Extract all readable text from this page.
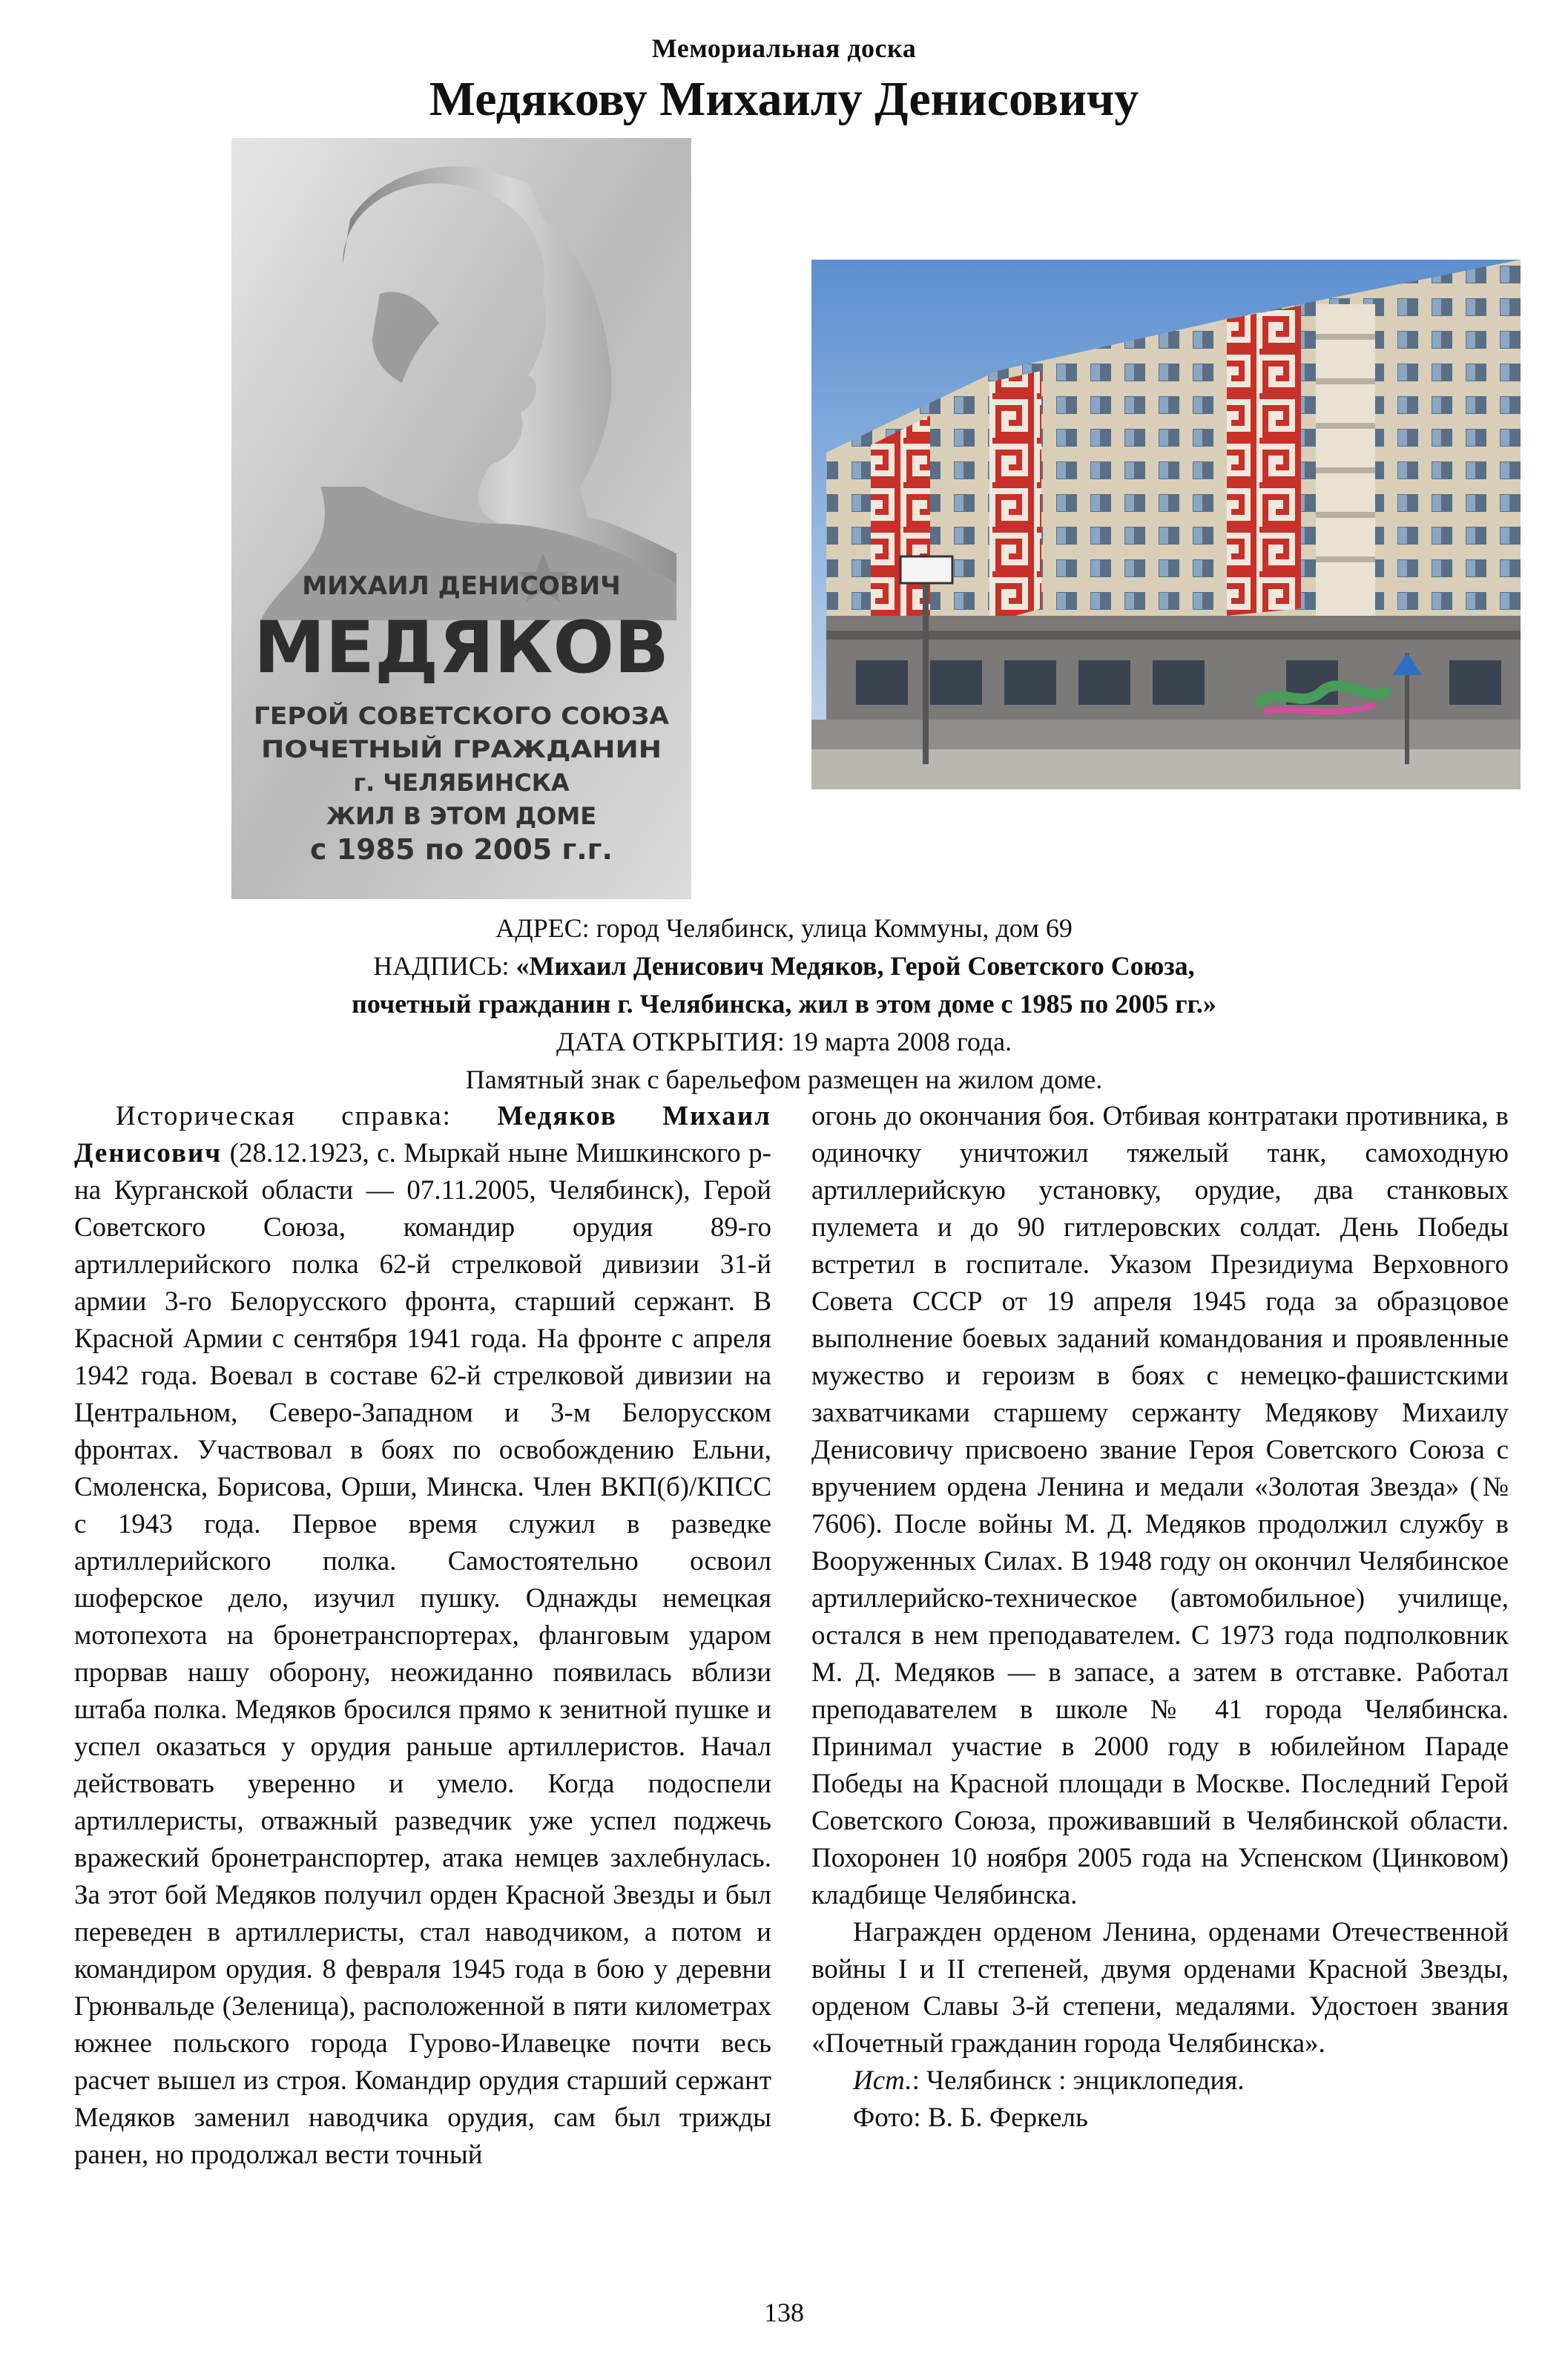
Мемориальная доска
Медякову Михаилу Денисовичу
МИХАИЛ ДЕНИСОВИЧ
МЕДЯКОВ
ГЕРОЙ СОВЕТСКОГО СОЮЗА
ПОЧЕТНЫЙ ГРАЖДАНИН
г. ЧЕЛЯБИНСКА
ЖИЛ В ЭТОМ ДОМЕ
с 1985 по 2005 г.г.
АДРЕС: город Челябинск, улица Коммуны, дом 69
НАДПИСЬ: «Михаил Денисович Медяков, Герой Советского Союза,
почетный гражданин г. Челябинска, жил в этом доме с 1985 по 2005 гг.»
ДАТА ОТКРЫТИЯ: 19 марта 2008 года.
Памятный знак с барельефом размещен на жилом доме.

Историческая справка: Медяков Михаил Денисович (28.12.1923, с. Мыркай ныне Мишкинского р-на Курганской области — 07.11.2005, Челябинск), Герой Советского Союза, командир орудия 89-го артиллерийского полка 62-й стрелковой дивизии 31-й армии 3-го Белорусского фронта, старший сержант. В Красной Армии с сентября 1941 года. На фронте с апреля 1942 года. Воевал в составе 62-й стрелковой дивизии на Центральном, Северо-Западном и 3-м Белорусском фронтах. Участвовал в боях по освобождению Ельни, Смоленска, Борисова, Орши, Минска. Член ВКП(б)/КПСС с 1943 года. Первое время служил в разведке артиллерийского полка. Самостоятельно освоил шоферское дело, изучил пушку. Однажды немецкая мотопехота на бронетранспортерах, фланговым ударом прорвав нашу оборону, неожиданно появилась вблизи штаба полка. Медяков бросился прямо к зенитной пушке и успел оказаться у орудия раньше артиллеристов. Начал действовать уверенно и умело. Когда подоспели артиллеристы, отважный разведчик уже успел поджечь вражеский бронетранспортер, атака немцев захлебнулась. За этот бой Медяков получил орден Красной Звезды и был переведен в артиллеристы, стал наводчиком, а потом и командиром орудия. 8 февраля 1945 года в бою у деревни Грюнвальде (Зеленица), расположенной в пяти километрах южнее польского города Гурово-Илавецке почти весь расчет вышел из строя. Командир орудия старший сержант Медяков заменил наводчика орудия, сам был трижды ранен, но продолжал вести точный

огонь до окончания боя. Отбивая контратаки противника, в одиночку уничтожил тяжелый танк, самоходную артиллерийскую установку, орудие, два станковых пулемета и до 90 гитлеровских солдат. День Победы встретил в госпитале. Указом Президиума Верховного Совета СССР от 19 апреля 1945 года за образцовое выполнение боевых заданий командования и проявленные мужество и героизм в боях с немецко-фашистскими захватчиками старшему сержанту Медякову Михаилу Денисовичу присвоено звание Героя Советского Союза с вручением ордена Ленина и медали «Золотая Звезда» (№ 7606). После войны М. Д. Медяков продолжил службу в Вооруженных Силах. В 1948 году он окончил Челябинское артиллерийско-техническое (автомобильное) училище, остался в нем преподавателем. С 1973 года подполковник М. Д. Медяков — в запасе, а затем в отставке. Работал преподавателем в школе № 41 города Челябинска. Принимал участие в 2000 году в юбилейном Параде Победы на Красной площади в Москве. Последний Герой Советского Союза, проживавший в Челябинской области. Похоронен 10 ноября 2005 года на Успенском (Цинковом) кладбище Челябинска.

Награжден орденом Ленина, орденами Отечественной войны I и II степеней, двумя орденами Красной Звезды, орденом Славы 3-й степени, медалями. Удостоен звания «Почетный гражданин города Челябинска».

Ист.: Челябинск : энциклопедия.
Фото: В. Б. Феркель
138
